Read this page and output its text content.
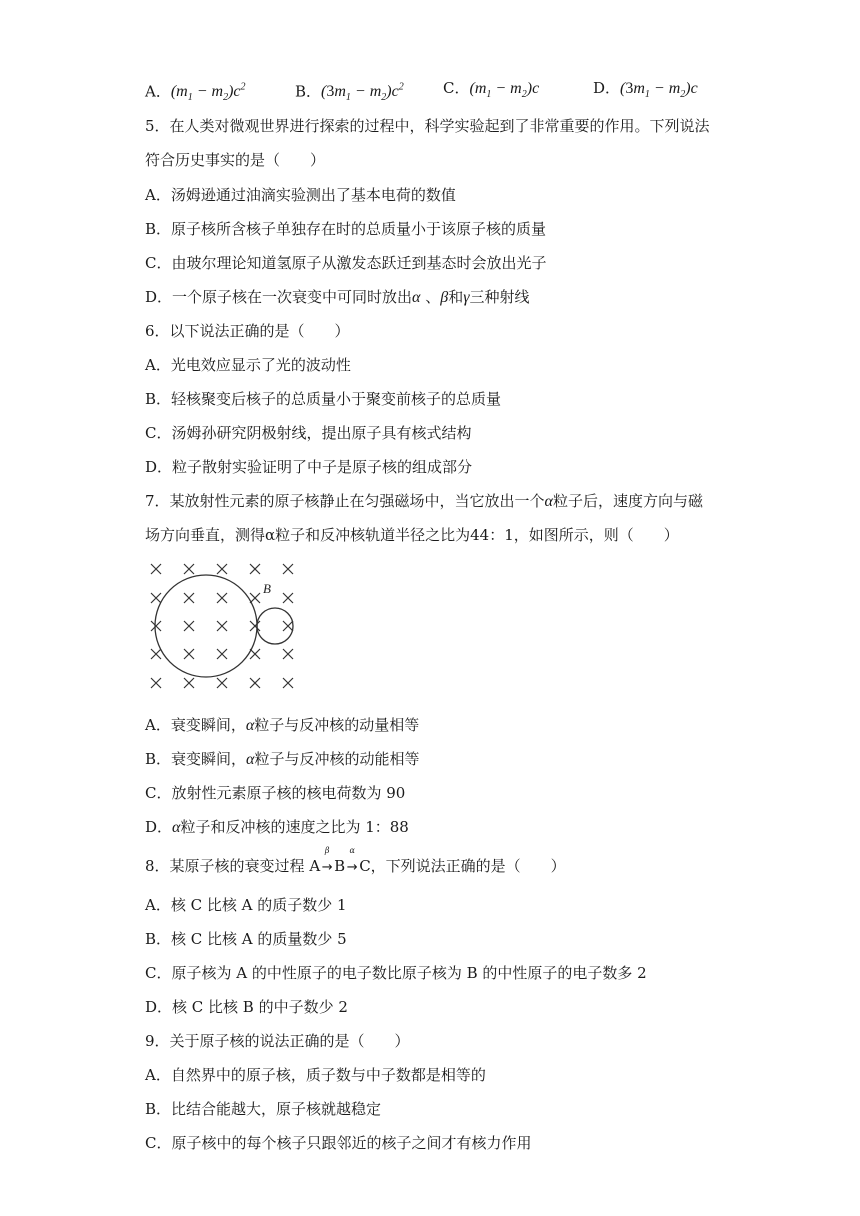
A．$(m_1 - m_2)c^2$	B．$(3m_1 - m_2)c^2$	C．$(m_1 - m_2)c$	D．$(3m_1 - m_2)c$
5．在人类对微观世界进行探索的过程中，科学实验起到了非常重要的作用。下列说法
符合历史事实的是（　　）
A．汤姆逊通过油滴实验测出了基本电荷的数值
B．原子核所含核子单独存在时的总质量小于该原子核的质量
C．由玻尔理论知道氢原子从激发态跃迁到基态时会放出光子
D．一个原子核在一次衰变中可同时放出α 、β和γ三种射线
6．以下说法正确的是（　　）
A．光电效应显示了光的波动性
B．轻核聚变后核子的总质量小于聚变前核子的总质量
C．汤姆孙研究阴极射线，提出原子具有核式结构
D．粒子散射实验证明了中子是原子核的组成部分
7．某放射性元素的原子核静止在匀强磁场中，当它放出一个α粒子后，速度方向与磁
场方向垂直，测得α粒子和反冲核轨道半径之比为44：1，如图所示，则（　　）
B
A．衰变瞬间，α粒子与反冲核的动量相等
B．衰变瞬间，α粒子与反冲核的动能相等
C．放射性元素原子核的核电荷数为 90
D．α粒子和反冲核的速度之比为 1：88
8．某原子核的衰变过程 A
β
→ B
α
→ C，下列说法正确的是（　　）
A．核 C 比核 A 的质子数少 1
B．核 C 比核 A 的质量数少 5
C．原子核为 A 的中性原子的电子数比原子核为 B 的中性原子的电子数多 2
D．核 C 比核 B 的中子数少 2
9．关于原子核的说法正确的是（　　）
A．自然界中的原子核，质子数与中子数都是相等的
B．比结合能越大，原子核就越稳定
C．原子核中的每个核子只跟邻近的核子之间才有核力作用
